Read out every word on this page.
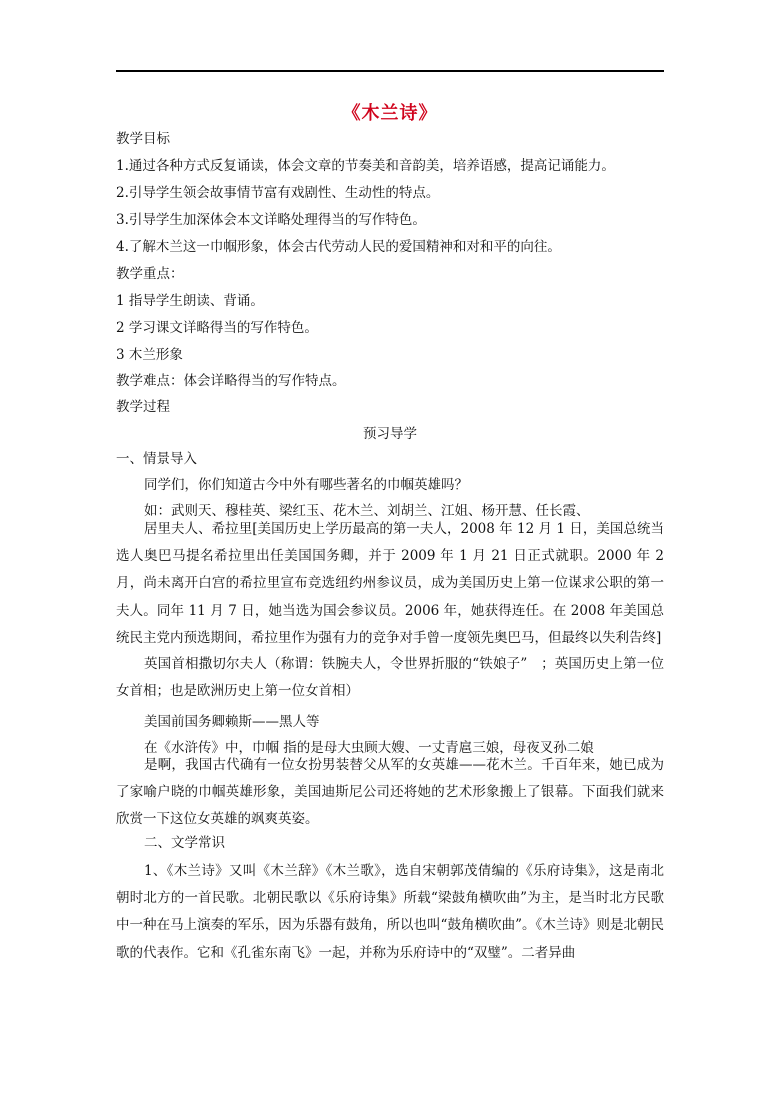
《木兰诗》
教学目标
1.通过各种方式反复诵读，体会文章的节奏美和音韵美，培养语感，提高记诵能力。
2.引导学生领会故事情节富有戏剧性、生动性的特点。
3.引导学生加深体会本文详略处理得当的写作特色。
4.了解木兰这一巾帼形象，体会古代劳动人民的爱国精神和对和平的向往。
教学重点：
1 指导学生朗读、背诵。
2 学习课文详略得当的写作特色。
3 木兰形象
教学难点：体会详略得当的写作特点。
教学过程
预习导学
一、情景导入
同学们，你们知道古今中外有哪些著名的巾帼英雄吗？
如：武则天、穆桂英、梁红玉、花木兰、刘胡兰、江姐、杨开慧、任长霞、
居里夫人、希拉里[美国历史上学历最高的第一夫人，2008 年 12 月 1 日，美国总统当选人奥巴马提名希拉里出任美国国务卿，并于 2009 年 1 月 21 日正式就职。2000 年 2 月，尚未离开白宫的希拉里宣布竞选纽约州参议员，成为美国历史上第一位谋求公职的第一夫人。同年 11 月 7 日，她当选为国会参议员。2006 年，她获得连任。在 2008 年美国总统民主党内预选期间，希拉里作为强有力的竞争对手曾一度领先奥巴马，但最终以失利告终]
英国首相撒切尔夫人（称谓：铁腕夫人，令世界折服的“铁娘子”　；英国历史上第一位女首相；也是欧洲历史上第一位女首相）
美国前国务卿赖斯——黑人等
在《水浒传》中，巾帼 指的是母大虫顾大嫂、一丈青扈三娘，母夜叉孙二娘
是啊，我国古代确有一位女扮男装替父从军的女英雄——花木兰。千百年来，她已成为了家喻户晓的巾帼英雄形象，美国迪斯尼公司还将她的艺术形象搬上了银幕。下面我们就来欣赏一下这位女英雄的飒爽英姿。
二、文学常识
1、《木兰诗》又叫《木兰辞》《木兰歌》，选自宋朝郭茂倩编的《乐府诗集》，这是南北朝时北方的一首民歌。北朝民歌以《乐府诗集》所载“梁鼓角横吹曲”为主，是当时北方民歌中一种在马上演奏的军乐，因为乐器有鼓角，所以也叫“鼓角横吹曲”。《木兰诗》则是北朝民歌的代表作。它和《孔雀东南飞》一起，并称为乐府诗中的“双璧”。二者异曲
